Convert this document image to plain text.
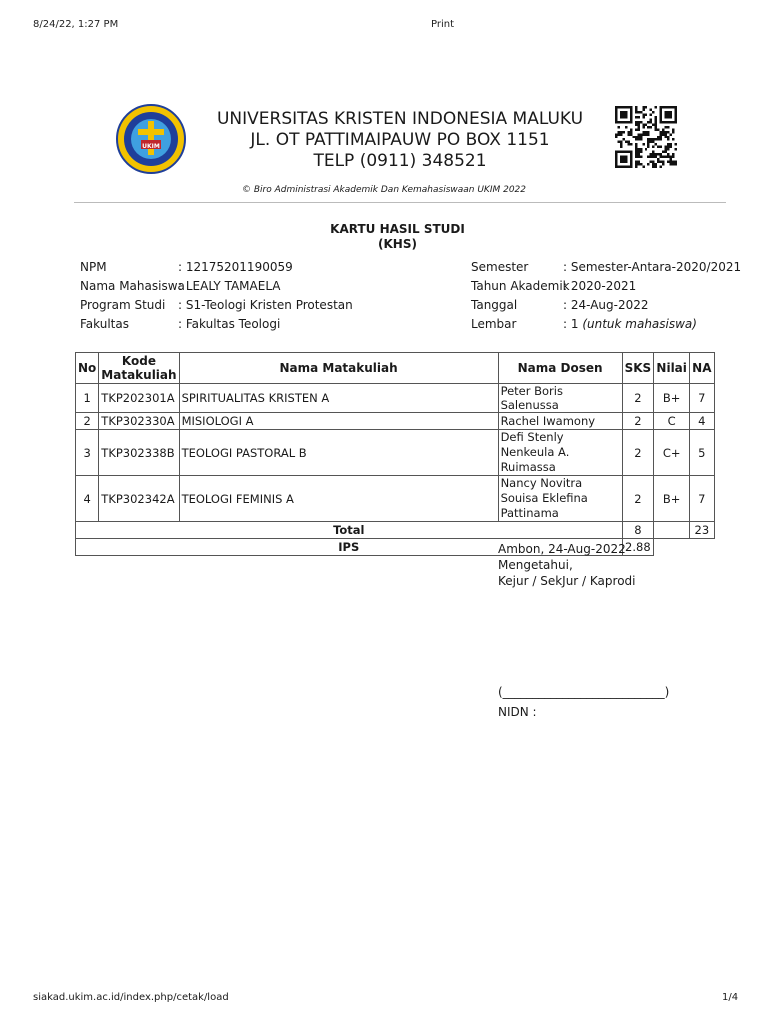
8/24/22, 1:27 PM	Print
UKIM
UNIVERSITAS KRISTEN INDONESIA MALUKU
JL. OT PATTIMAIPAUW PO BOX 1151
TELP (0911) 348521
© Biro Administrasi Akademik Dan Kemahasiswaan UKIM 2022
KARTU HASIL STUDI
(KHS)
NPM	: 12175201190059
Nama Mahasiswa
: LEALY TAMAELA
Program Studi : S1-Teologi Kristen Protestan
Fakultas	: Fakultas Teologi
Semester	: Semester-Antara-2020/2021
Tahun Akademik
: 2020-2021
Tanggal	: 24-Aug-2022
Lembar	: 1 (untuk mahasiswa)
No	Kode Matakuliah	Nama Matakuliah	Nama Dosen	SKS	Nilai	NA
1	TKP202301A	SPIRITUALITAS KRISTEN A	Peter Boris Salenussa	2	B+	7
2	TKP302330A	MISIOLOGI A	Rachel Iwamony	2	C	4
3	TKP302338B	TEOLOGI PASTORAL B	Defi Stenly Nenkeula A. Ruimassa	2	C+	5
4	TKP302342A	TEOLOGI FEMINIS A	Nancy Novitra Souisa Eklefina Pattinama	2	B+	7
Total				8		23
IPS				2.88		
Ambon, 24-Aug-2022
Mengetahui,
Kejur / SekJur / Kaprodi
(___________________________)
NIDN :
siakad.ukim.ac.id/index.php/cetak/load	1/4
